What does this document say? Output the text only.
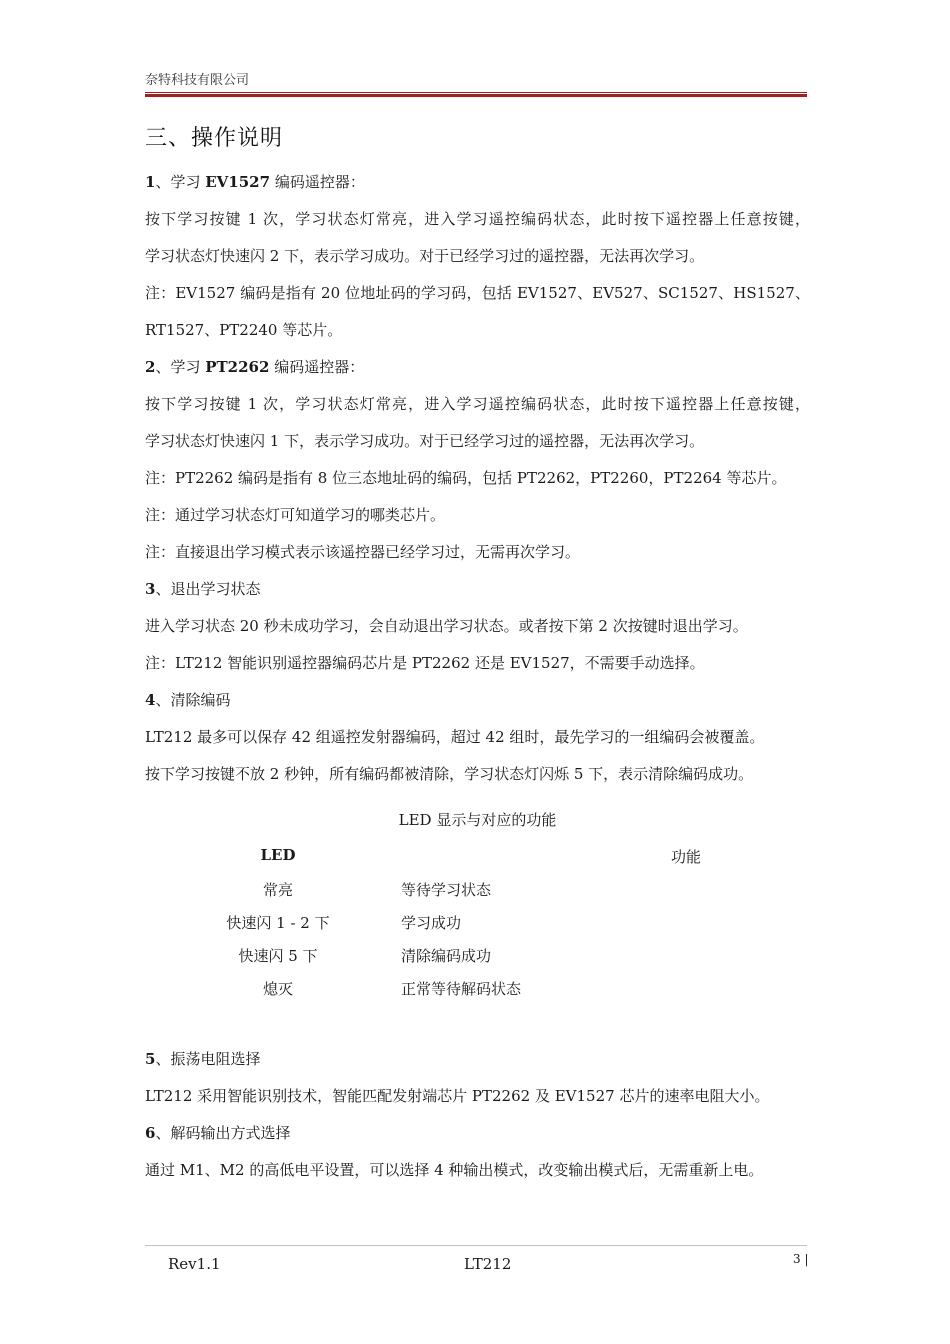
奈特科技有限公司
三、操作说明
1、学习 EV1527 编码遥控器：
按下学习按键 1 次，学习状态灯常亮，进入学习遥控编码状态，此时按下遥控器上任意按键，
学习状态灯快速闪 2 下，表示学习成功。对于已经学习过的遥控器，无法再次学习。
注：EV1527 编码是指有 20 位地址码的学习码，包括 EV1527、EV527、SC1527、HS1527、
RT1527、PT2240 等芯片。
2、学习 PT2262 编码遥控器：
按下学习按键 1 次，学习状态灯常亮，进入学习遥控编码状态，此时按下遥控器上任意按键，
学习状态灯快速闪 1 下，表示学习成功。对于已经学习过的遥控器，无法再次学习。
注：PT2262 编码是指有 8 位三态地址码的编码，包括 PT2262，PT2260，PT2264 等芯片。
注：通过学习状态灯可知道学习的哪类芯片。
注：直接退出学习模式表示该遥控器已经学习过，无需再次学习。
3、退出学习状态
进入学习状态 20 秒未成功学习，会自动退出学习状态。或者按下第 2 次按键时退出学习。
注：LT212 智能识别遥控器编码芯片是 PT2262 还是 EV1527，不需要手动选择。
4、清除编码
LT212 最多可以保存 42 组遥控发射器编码，超过 42 组时，最先学习的一组编码会被覆盖。
按下学习按键不放 2 秒钟，所有编码都被清除，学习状态灯闪烁 5 下，表示清除编码成功。
LED 显示与对应的功能
LED	功能
常亮	等待学习状态
快速闪 1 - 2 下	学习成功
快速闪 5 下	清除编码成功
熄灭	正常等待解码状态
5、振荡电阻选择
LT212 采用智能识别技术，智能匹配发射端芯片 PT2262 及 EV1527 芯片的速率电阻大小。
6、解码输出方式选择
通过 M1、M2 的高低电平设置，可以选择 4 种输出模式，改变输出模式后，无需重新上电。
Rev1.1	LT212	3 |
